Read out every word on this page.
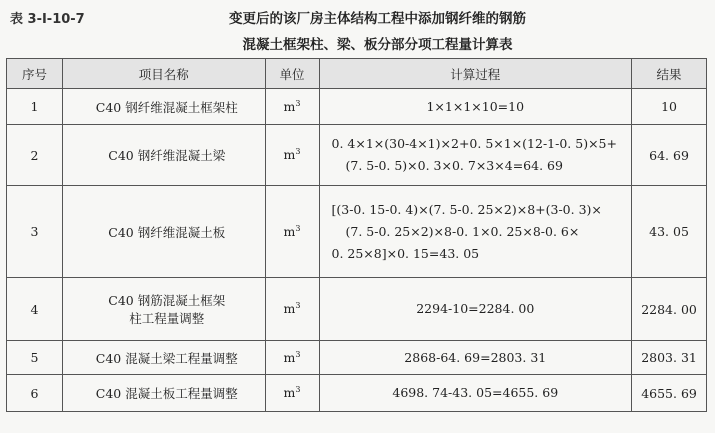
表 3-Ⅰ-10-7	变更后的该厂房主体结构工程中添加钢纤维的钢筋
混凝土框架柱、梁、板分部分项工程量计算表
序号	项目名称	单位	计算过程	结果
1	C40 钢纤维混凝土框架柱	$m^3$	1×1×1×10=10	10
2	C40 钢纤维混凝土梁	$m^3$	0. 4×1×(30-4×1)×2+0. 5×1×(12-1-0. 5)×5+
(7. 5-0. 5)×0. 3×0. 7×3×4=64. 69	64. 69
3	C40 钢纤维混凝土板	$m^3$	[(3-0. 15-0. 4)×(7. 5-0. 25×2)×8+(3-0. 3)×
(7. 5-0. 25×2)×8-0. 1×0. 25×8-0. 6×
0. 25×8]×0. 15=43. 05	43. 05
4	C40 钢筋混凝土框架
柱工程量调整	$m^3$	2294-10=2284. 00	2284. 00
5	C40 混凝土梁工程量调整	$m^3$	2868-64. 69=2803. 31	2803. 31
6	C40 混凝土板工程量调整	$m^3$	4698. 74-43. 05=4655. 69	4655. 69
